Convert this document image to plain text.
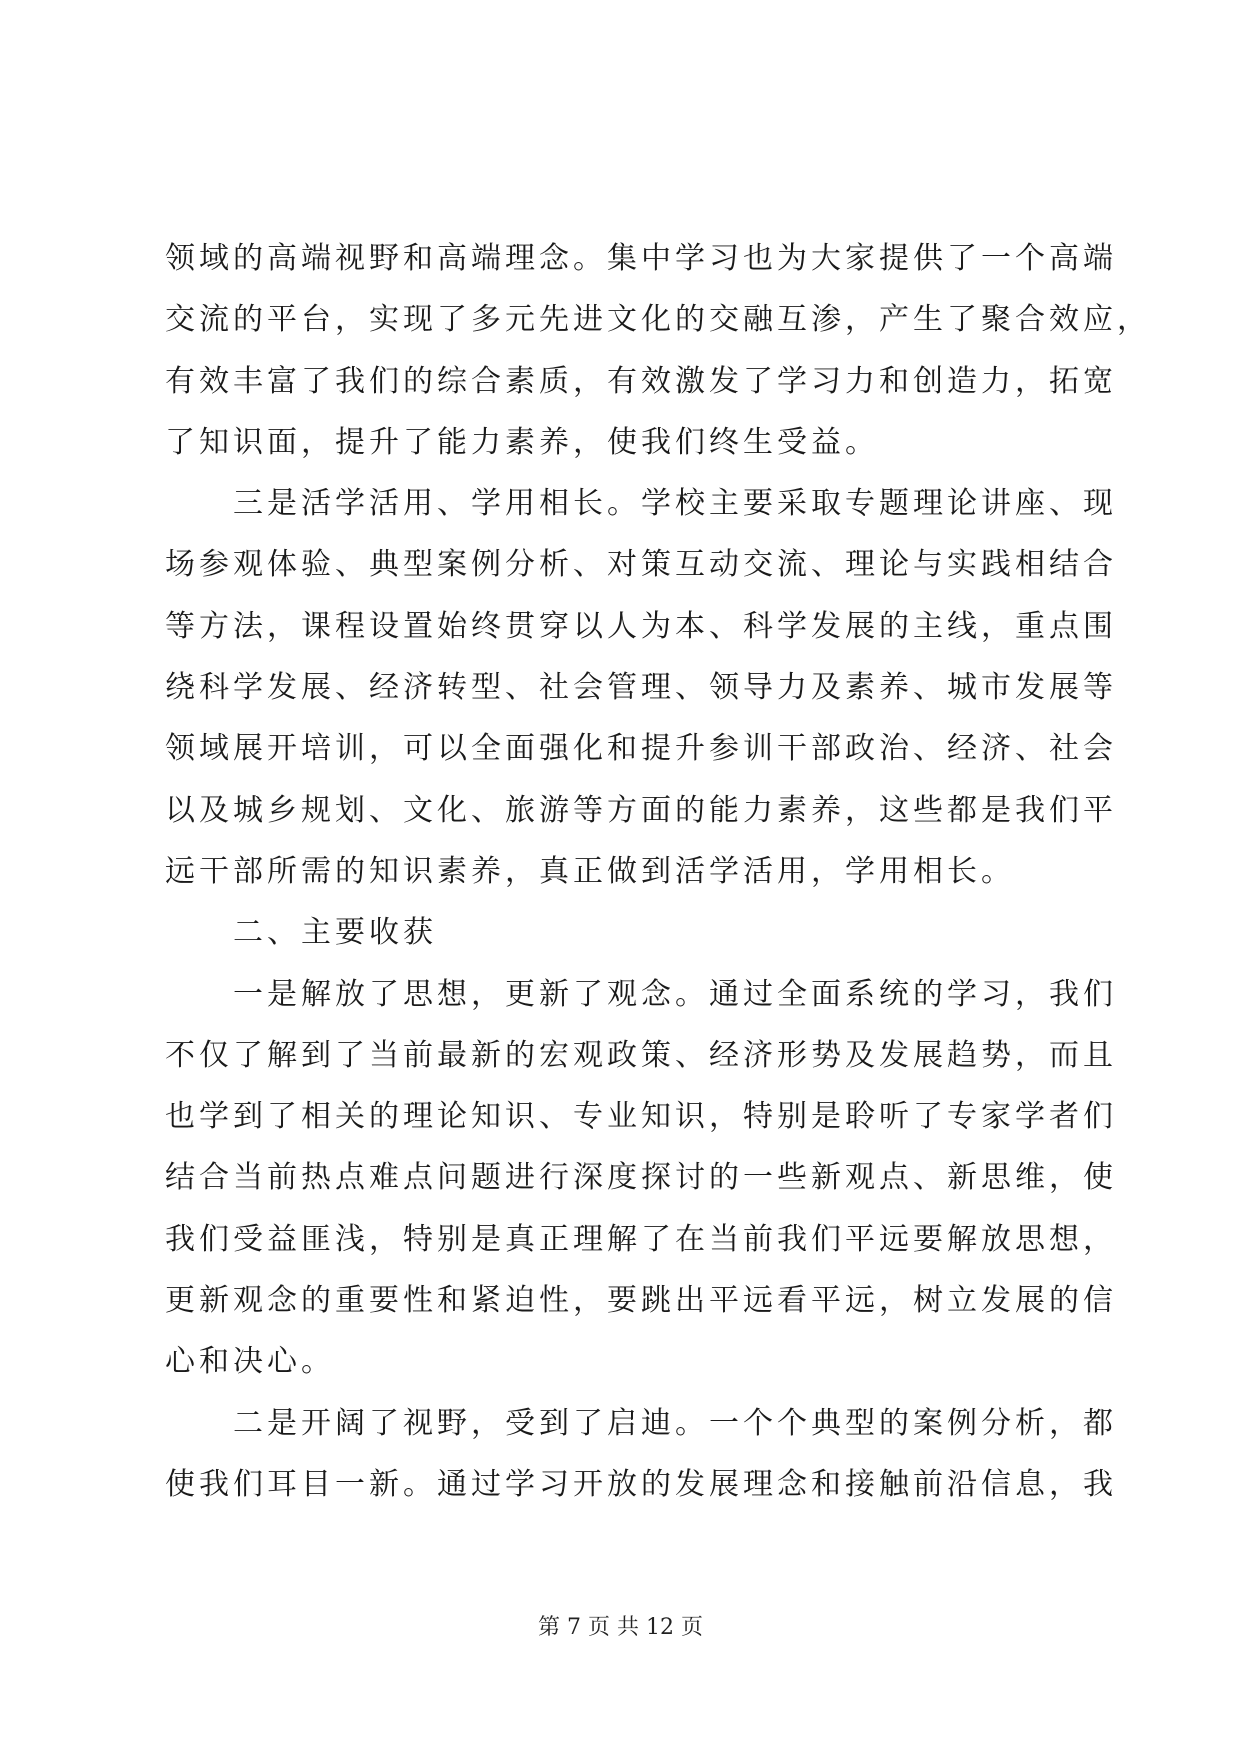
领域的高端视野和高端理念。集中学习也为大家提供了一个高端
交流的平台，实现了多元先进文化的交融互渗，产生了聚合效应，
有效丰富了我们的综合素质，有效激发了学习力和创造力，拓宽
了知识面，提升了能力素养，使我们终生受益。
　　三是活学活用、学用相长。学校主要采取专题理论讲座、现
场参观体验、典型案例分析、对策互动交流、理论与实践相结合
等方法，课程设置始终贯穿以人为本、科学发展的主线，重点围
绕科学发展、经济转型、社会管理、领导力及素养、城市发展等
领域展开培训，可以全面强化和提升参训干部政治、经济、社会
以及城乡规划、文化、旅游等方面的能力素养，这些都是我们平
远干部所需的知识素养，真正做到活学活用，学用相长。
　　二、主要收获
　　一是解放了思想，更新了观念。通过全面系统的学习，我们
不仅了解到了当前最新的宏观政策、经济形势及发展趋势，而且
也学到了相关的理论知识、专业知识，特别是聆听了专家学者们
结合当前热点难点问题进行深度探讨的一些新观点、新思维，使
我们受益匪浅，特别是真正理解了在当前我们平远要解放思想，
更新观念的重要性和紧迫性，要跳出平远看平远，树立发展的信
心和决心。
　　二是开阔了视野，受到了启迪。一个个典型的案例分析，都
使我们耳目一新。通过学习开放的发展理念和接触前沿信息，我
第 7 页 共 12 页
